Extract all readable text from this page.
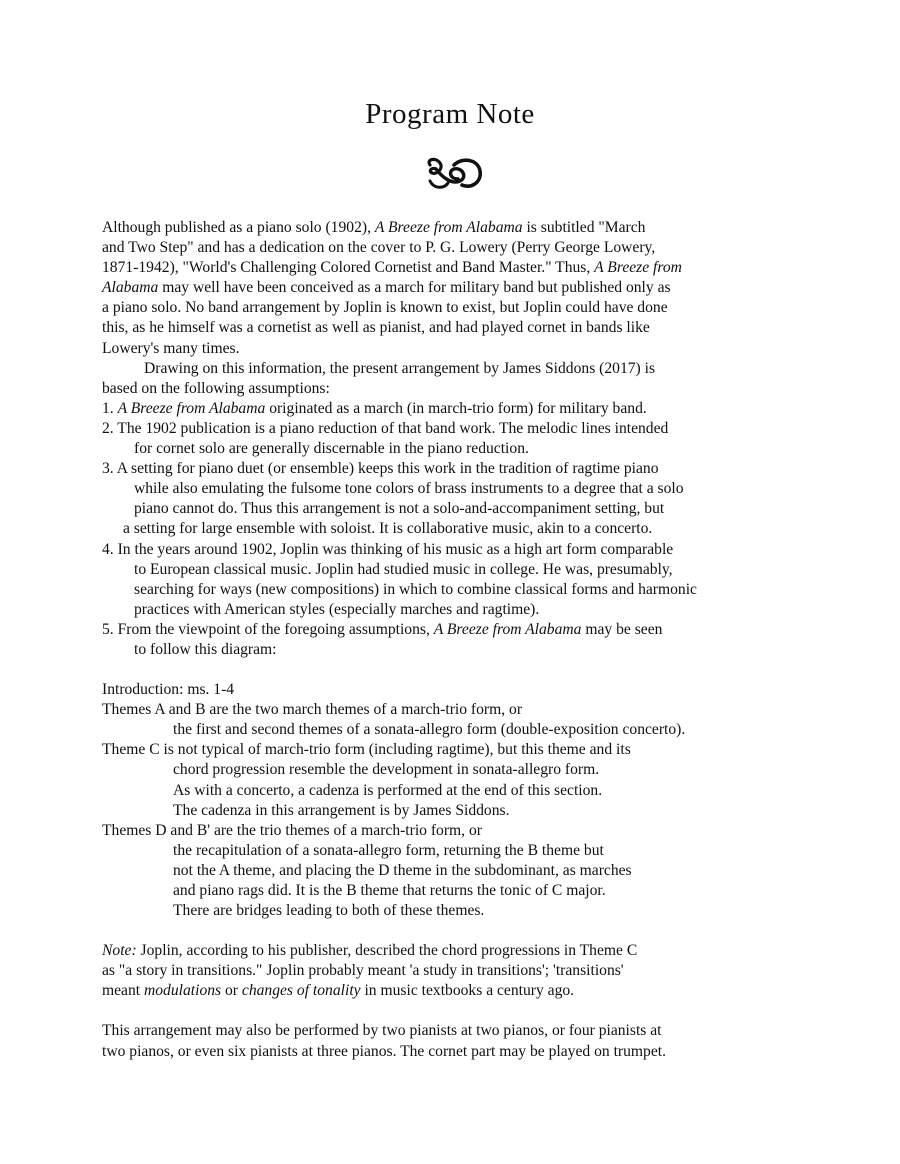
Program Note

Although published as a piano solo (1902), A Breeze from Alabama is subtitled "March
and Two Step" and has a dedication on the cover to P. G. Lowery (Perry George Lowery,
1871-1942), "World's Challenging Colored Cornetist and Band Master." Thus, A Breeze from
Alabama may well have been conceived as a march for military band but published only as
a piano solo. No band arrangement by Joplin is known to exist, but Joplin could have done
this, as he himself was a cornetist as well as pianist, and had played cornet in bands like
Lowery's many times.

Drawing on this information, the present arrangement by James Siddons (2017) is
based on the following assumptions:

1. A Breeze from Alabama originated as a march (in march-trio form) for military band.

2. The 1902 publication is a piano reduction of that band work. The melodic lines intended
for cornet solo are generally discernable in the piano reduction.

3. A setting for piano duet (or ensemble) keeps this work in the tradition of ragtime piano
while also emulating the fulsome tone colors of brass instruments to a degree that a solo
piano cannot do. Thus this arrangement is not a solo-and-accompaniment setting, but
a setting for large ensemble with soloist. It is collaborative music, akin to a concerto.

4. In the years around 1902, Joplin was thinking of his music as a high art form comparable
to European classical music. Joplin had studied music in college. He was, presumably,
searching for ways (new compositions) in which to combine classical forms and harmonic
practices with American styles (especially marches and ragtime).

5. From the viewpoint of the foregoing assumptions, A Breeze from Alabama may be seen
to follow this diagram:

Introduction: ms. 1-4
Themes A and B are the two march themes of a march-trio form, or
the first and second themes of a sonata-allegro form (double-exposition concerto).
Theme C is not typical of march-trio form (including ragtime), but this theme and its
chord progression resemble the development in sonata-allegro form.
As with a concerto, a cadenza is performed at the end of this section.
The cadenza in this arrangement is by James Siddons.
Themes D and B' are the trio themes of a march-trio form, or
the recapitulation of a sonata-allegro form, returning the B theme but
not the A theme, and placing the D theme in the subdominant, as marches
and piano rags did. It is the B theme that returns the tonic of C major.
There are bridges leading to both of these themes.

Note: Joplin, according to his publisher, described the chord progressions in Theme C
as "a story in transitions." Joplin probably meant 'a study in transitions'; 'transitions'
meant modulations or changes of tonality in music textbooks a century ago.

This arrangement may also be performed by two pianists at two pianos, or four pianists at
two pianos, or even six pianists at three pianos. The cornet part may be played on trumpet.
